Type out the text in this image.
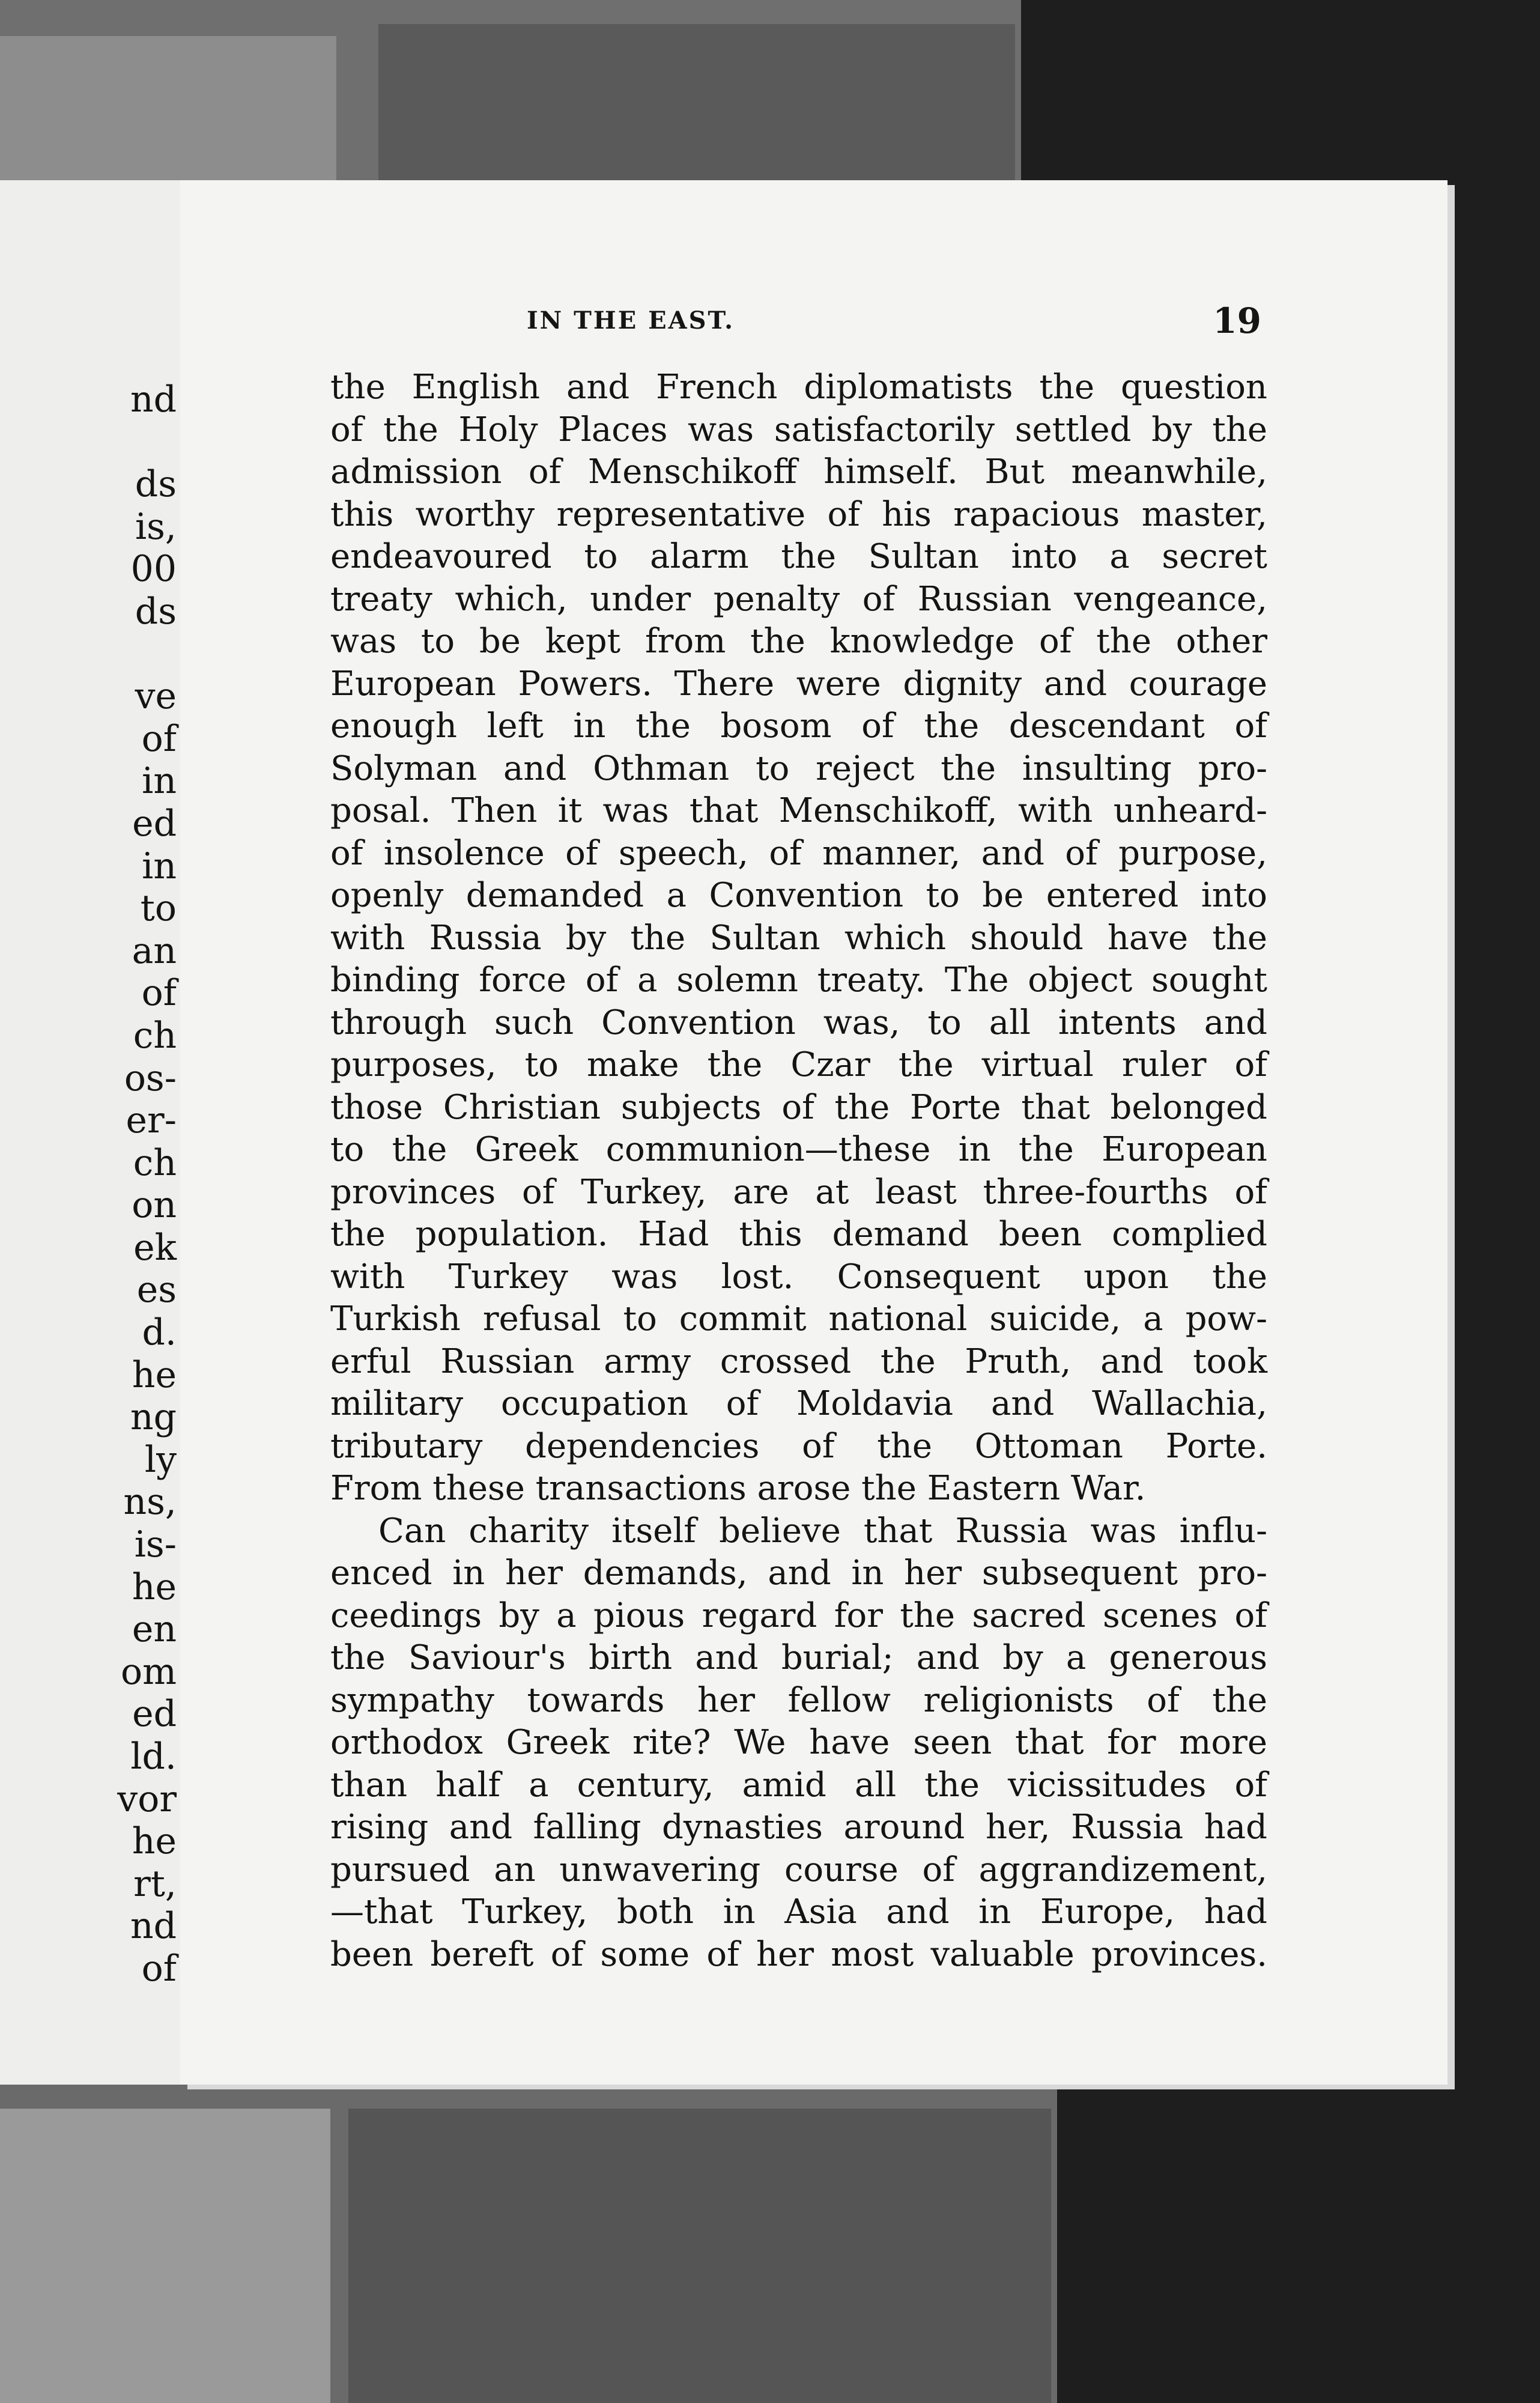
nd
ds
is,
00
ds
ve
of
in
ed
in
to
an
of
ch
os-
er-
ch
on
ek
es
d.
he
ng
ly
ns,
is-
he
en
om
ed
ld.
vor
he
rt,
nd
of
IN THE EAST.	19
the English and French diplomatists the question
of the Holy Places was satisfactorily settled by the
admission of Menschikoff himself. But meanwhile,
this worthy representative of his rapacious master,
endeavoured to alarm the Sultan into a secret
treaty which, under penalty of Russian vengeance,
was to be kept from the knowledge of the other
European Powers. There were dignity and courage
enough left in the bosom of the descendant of
Solyman and Othman to reject the insulting pro-
posal. Then it was that Menschikoff, with unheard-
of insolence of speech, of manner, and of purpose,
openly demanded a Convention to be entered into
with Russia by the Sultan which should have the
binding force of a solemn treaty. The object sought
through such Convention was, to all intents and
purposes, to make the Czar the virtual ruler of
those Christian subjects of the Porte that belonged
to the Greek communion—these in the European
provinces of Turkey, are at least three-fourths of
the population. Had this demand been complied
with Turkey was lost. Consequent upon the
Turkish refusal to commit national suicide, a pow-
erful Russian army crossed the Pruth, and took
military occupation of Moldavia and Wallachia,
tributary dependencies of the Ottoman Porte.
From these transactions arose the Eastern War.
Can charity itself believe that Russia was influ-
enced in her demands, and in her subsequent pro-
ceedings by a pious regard for the sacred scenes of
the Saviour's birth and burial; and by a generous
sympathy towards her fellow religionists of the
orthodox Greek rite? We have seen that for more
than half a century, amid all the vicissitudes of
rising and falling dynasties around her, Russia had
pursued an unwavering course of aggrandizement,
—that Turkey, both in Asia and in Europe, had
been bereft of some of her most valuable provinces.
